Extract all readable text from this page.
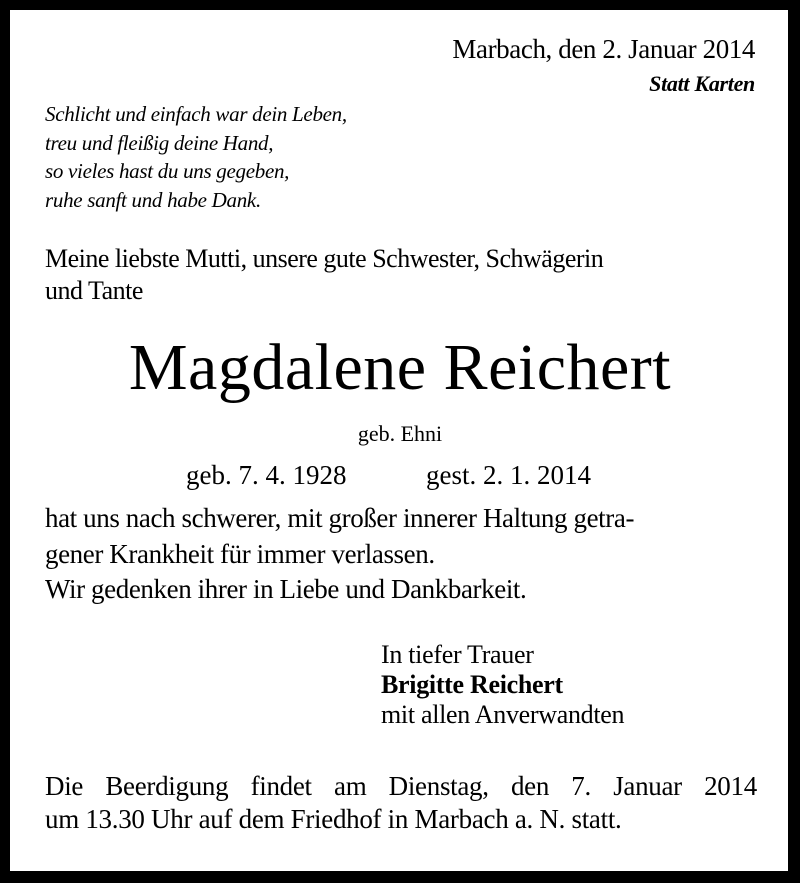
Marbach, den 2. Januar 2014
Statt Karten
Schlicht und einfach war dein Leben,
treu und fleißig deine Hand,
so vieles hast du uns gegeben,
ruhe sanft und habe Dank.
Meine liebste Mutti, unsere gute Schwester, Schwägerin
und Tante
Magdalene Reichert
geb. Ehni
geb. 7. 4. 1928	gest. 2. 1. 2014
hat uns nach schwerer, mit großer innerer Haltung getra-
gener Krankheit für immer verlassen.
Wir gedenken ihrer in Liebe und Dankbarkeit.
In tiefer Trauer
Brigitte Reichert
mit allen Anverwandten
Die Beerdigung findet am Dienstag, den 7. Januar 2014
um 13.30 Uhr auf dem Friedhof in Marbach a. N. statt.
